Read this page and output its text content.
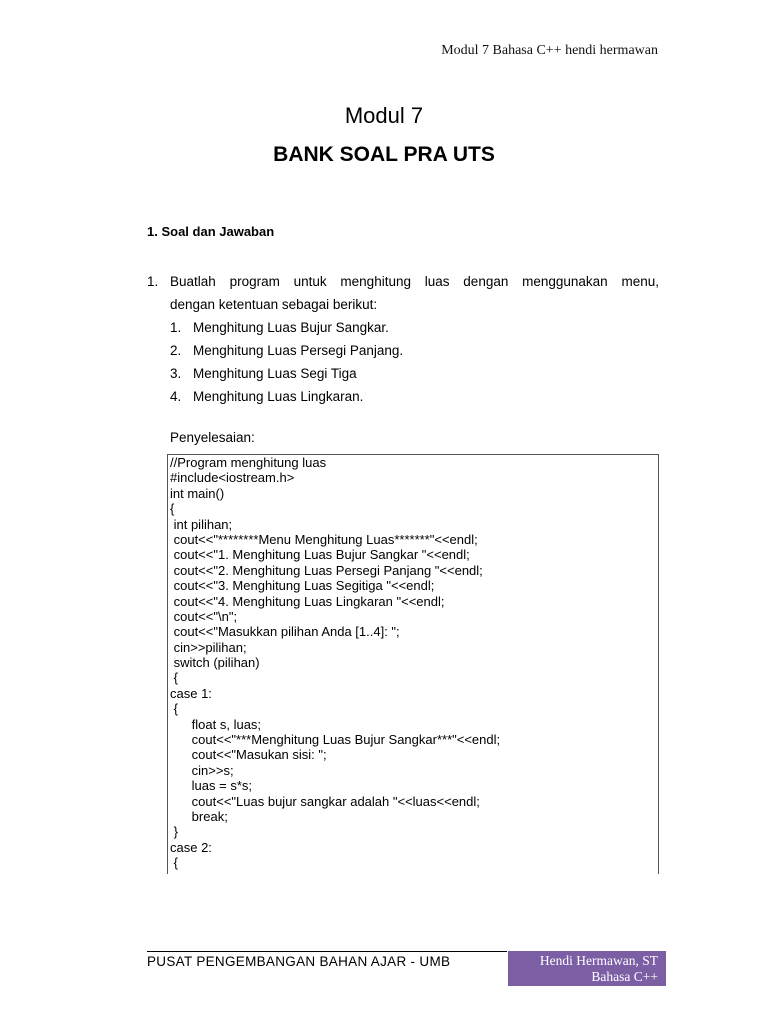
Modul 7 Bahasa C++ hendi hermawan
Modul 7
BANK SOAL PRA UTS
1. Soal dan Jawaban
1. Buatlah program untuk menghitung luas dengan menggunakan menu,
dengan ketentuan sebagai berikut:
1. Menghitung Luas Bujur Sangkar.
2. Menghitung Luas Persegi Panjang.
3. Menghitung Luas Segi Tiga
4. Menghitung Luas Lingkaran.
Penyelesaian:
//Program menghitung luas
#include<iostream.h>
int main()
{
int pilihan;
cout<<"********Menu Menghitung Luas*******"<<endl;
cout<<"1. Menghitung Luas Bujur Sangkar "<<endl;
cout<<"2. Menghitung Luas Persegi Panjang "<<endl;
cout<<"3. Menghitung Luas Segitiga "<<endl;
cout<<"4. Menghitung Luas Lingkaran "<<endl;
cout<<"\n";
cout<<"Masukkan pilihan Anda [1..4]: ";
cin>>pilihan;
switch (pilihan)
{
case 1:
{
float s, luas;
cout<<"***Menghitung Luas Bujur Sangkar***"<<endl;
cout<<"Masukan sisi: ";
cin>>s;
luas = s*s;
cout<<"Luas bujur sangkar adalah "<<luas<<endl;
break;
}
case 2:
{
PUSAT PENGEMBANGAN BAHAN AJAR - UMB	Hendi Hermawan, ST
Bahasa C++
